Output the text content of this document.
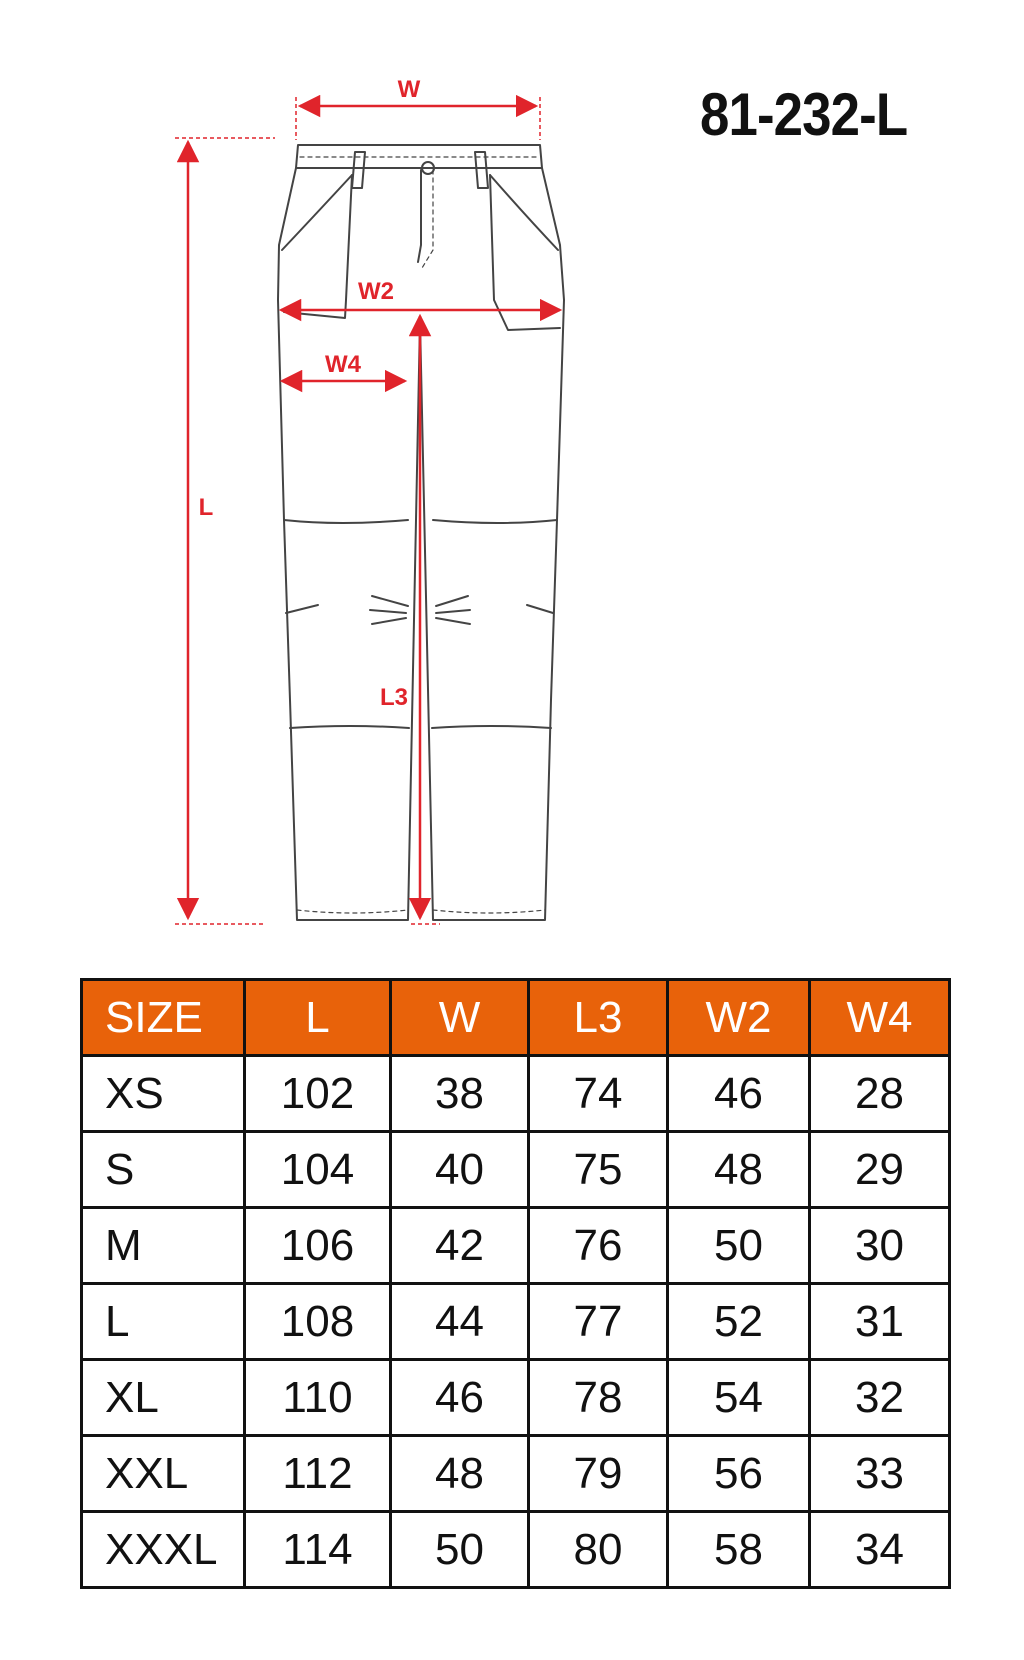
W
W2
W4
L
L3
81-232-L
SIZE	L	W	L3	W2	W4
XS	102	38	74	46	28
S	104	40	75	48	29
M	106	42	76	50	30
L	108	44	77	52	31
XL	110	46	78	54	32
XXL	112	48	79	56	33
XXXL	114	50	80	58	34
